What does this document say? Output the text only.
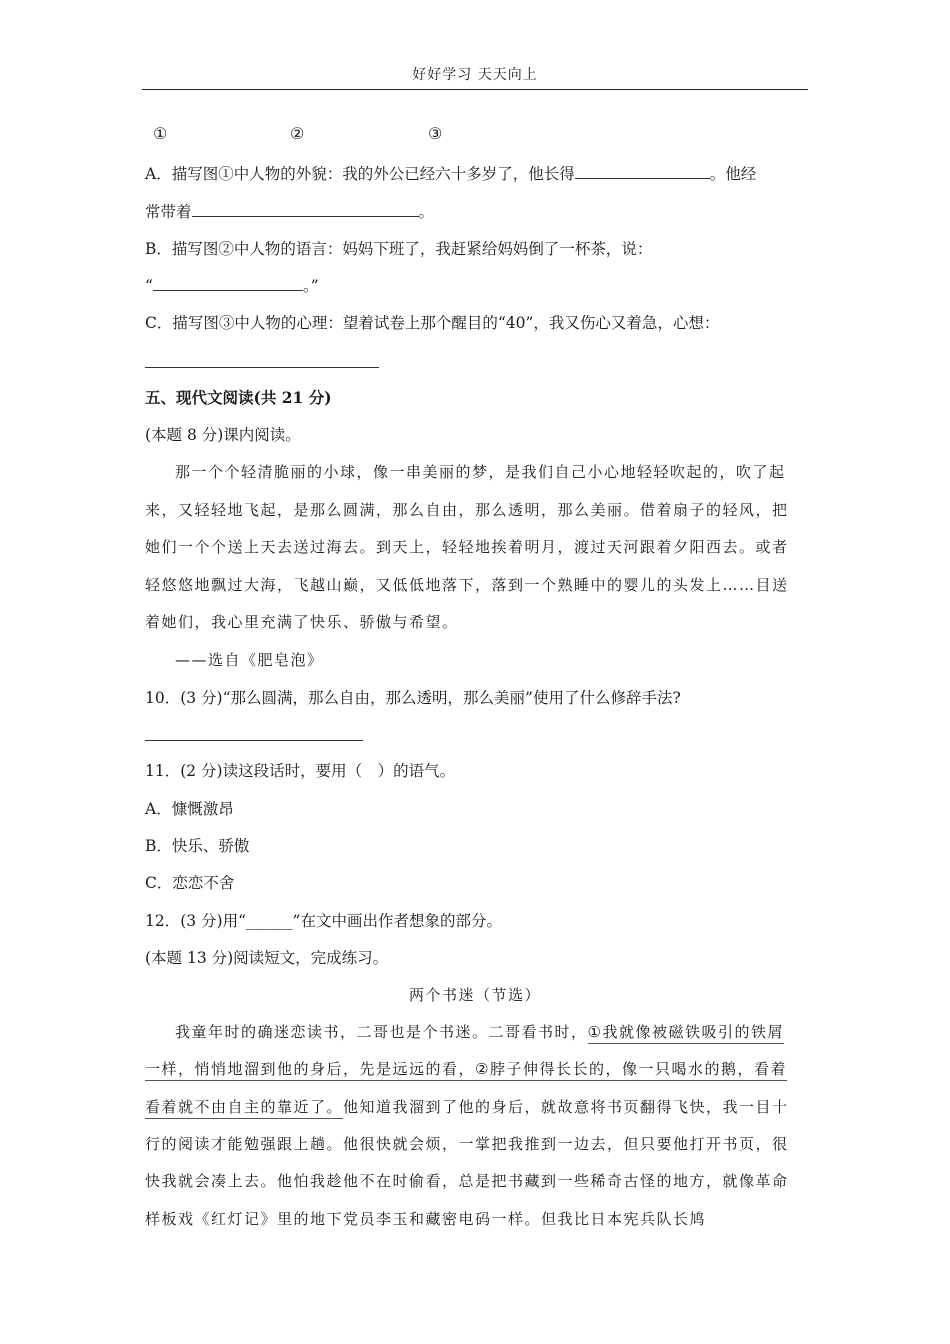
好好学习 天天向上
①	②	③
A．描写图①中人物的外貌：我的外公已经六十多岁了，他长得	。他经
常带着	。
B．描写图②中人物的语言：妈妈下班了，我赶紧给妈妈倒了一杯茶，说：
“	。”
C．描写图③中人物的心理：望着试卷上那个醒目的“40”，我又伤心又着急，心想：
五、现代文阅读(共 21 分)
(本题 8 分)课内阅读。
那一个个轻清脆丽的小球，像一串美丽的梦，是我们自己小心地轻轻吹起的，吹了起
来，又轻轻地飞起，是那么圆满，那么自由，那么透明，那么美丽。借着扇子的轻风，把
她们一个个送上天去送过海去。到天上，轻轻地挨着明月，渡过天河跟着夕阳西去。或者
轻悠悠地飘过大海，飞越山巅，又低低地落下，落到一个熟睡中的婴儿的头发上……目送
着她们，我心里充满了快乐、骄傲与希望。
——选自《肥皂泡》
10．(3 分)“那么圆满，那么自由，那么透明，那么美丽”使用了什么修辞手法?
11．(2 分)读这段话时，要用（　）的语气。
A．慷慨激昂
B．快乐、骄傲
C．恋恋不舍
12．(3 分)用“______”在文中画出作者想象的部分。
(本题 13 分)阅读短文，完成练习。
两个书迷（节选）
我童年时的确迷恋读书，二哥也是个书迷。二哥看书时，①我就像被磁铁吸引的铁屑
一样，悄悄地溜到他的身后，先是远远的看，②脖子伸得长长的，像一只喝水的鹅，看着
看着就不由自主的靠近了。他知道我溜到了他的身后，就故意将书页翻得飞快，我一目十
行的阅读才能勉强跟上趟。他很快就会烦，一掌把我推到一边去，但只要他打开书页，很
快我就会凑上去。他怕我趁他不在时偷看，总是把书藏到一些稀奇古怪的地方，就像革命
样板戏《红灯记》里的地下党员李玉和藏密电码一样。但我比日本宪兵队长鸠
